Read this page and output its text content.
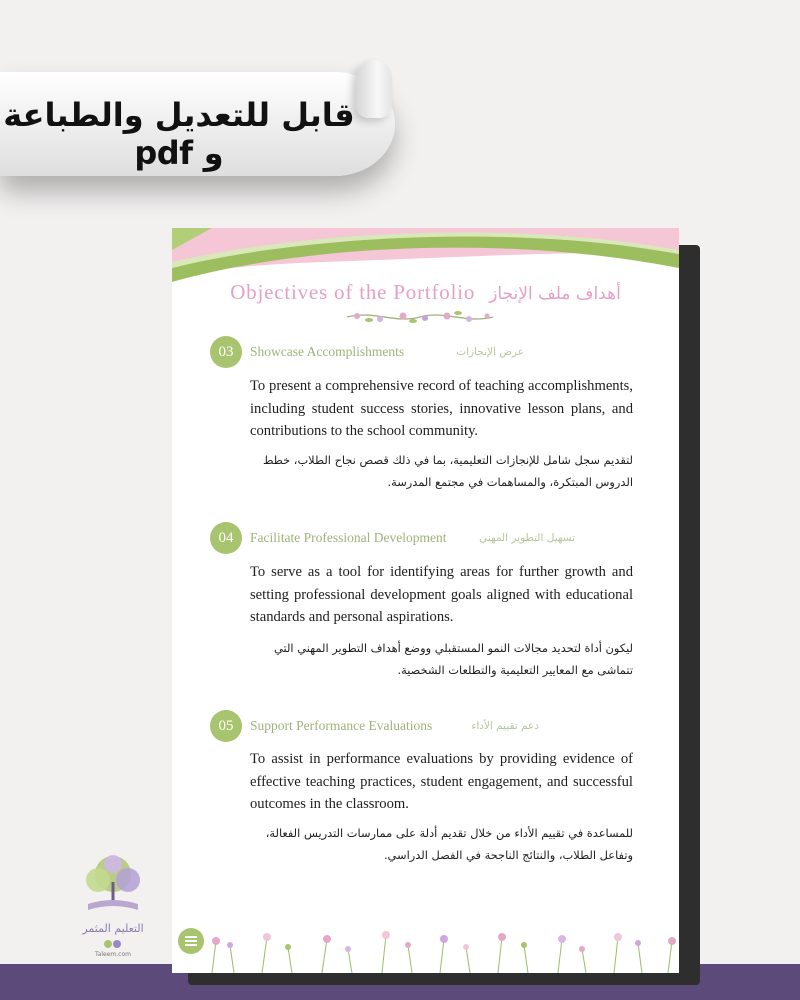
قابل للتعديل والطباعة و pdf
Objectives of the Portfolio أهداف ملف الإنجاز
03	Showcase Accomplishments	عرض الإنجازات
To present a comprehensive record of teaching accomplishments, including student success stories, innovative lesson plans, and contributions to the school community.
لتقديم سجل شامل للإنجازات التعليمية، بما في ذلك قصص نجاح الطلاب، خطط الدروس المبتكرة، والمساهمات في مجتمع المدرسة.
04	Facilitate Professional Development	تسهيل التطوير المهني
To serve as a tool for identifying areas for further growth and setting professional development goals aligned with educational standards and personal aspirations.
ليكون أداة لتحديد مجالات النمو المستقبلي ووضع أهداف التطوير المهني التي تتماشى مع المعايير التعليمية والتطلعات الشخصية.
05	Support Performance Evaluations	دعم تقييم الأداء
To assist in performance evaluations by providing evidence of effective teaching practices, student engagement, and successful outcomes in the classroom.
للمساعدة في تقييم الأداء من خلال تقديم أدلة على ممارسات التدريس الفعالة، وتفاعل الطلاب، والنتائج الناجحة في الفصل الدراسي.
التعليم المثمر
Taleem.com
